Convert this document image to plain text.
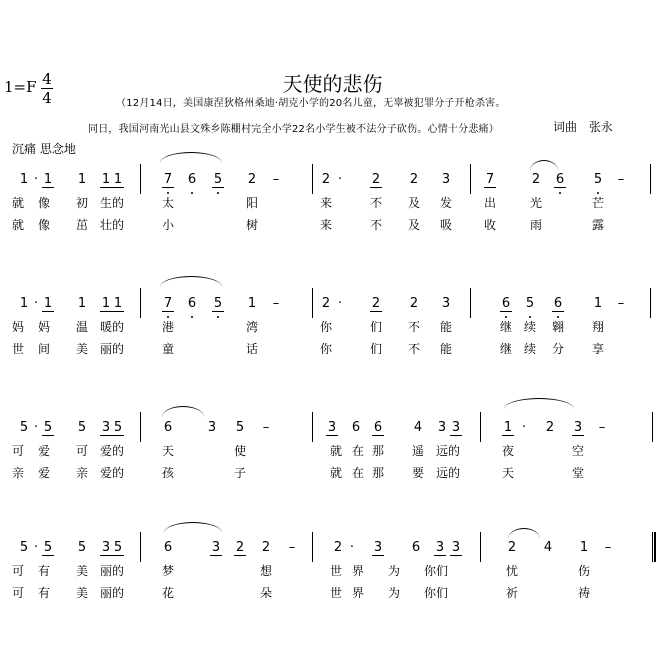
1=F 4
4
天使的悲伤
（12月14日，美国康涅狄格州桑迪·胡克小学的20名儿童，无辜被犯罪分子开枪杀害。
同日，我国河南光山县文殊乡陈棚村完全小学22名小学生被不法分子砍伤。心情十分悲痛）	词曲 张永
沉痛 思念地
1 · 1 1 1 1	7 6 5 2 –	2 ·	2 2 3	7	2 6 5 –
就 像 初 生的	太	阳	来	不 及 发	出	光	芒
就 像 茁 壮的	小	树	来	不 及 吸	收	雨	露
1 · 1 1 1 1	7 6 5 1 –	2 ·	2 2 3	6 5 6 1 –
妈 妈 温 暖的	港	湾	你	们 不 能	继 续 翱 翔
世 间 美 丽的	童	话	你	们 不 能	继 续 分 享
5 · 5 5 3 5	6	3 5 –	3 6 6 4 3 3	1 ·	2 3 –
可 爱 可 爱的	天	使	就 在 那 遥 远的	夜	空
亲 爱 亲 爱的	孩	子	就 在 那 要 远的	天	堂
5 · 5 5 3 5	6	3 2 2 –	2 ·	3 6 3 3	2 4 1 –
可 有 美 丽的	梦	想	世 界 为 你们	忧	伤
可 有 美 丽的	花	朵	世 界 为 你们	祈	祷
